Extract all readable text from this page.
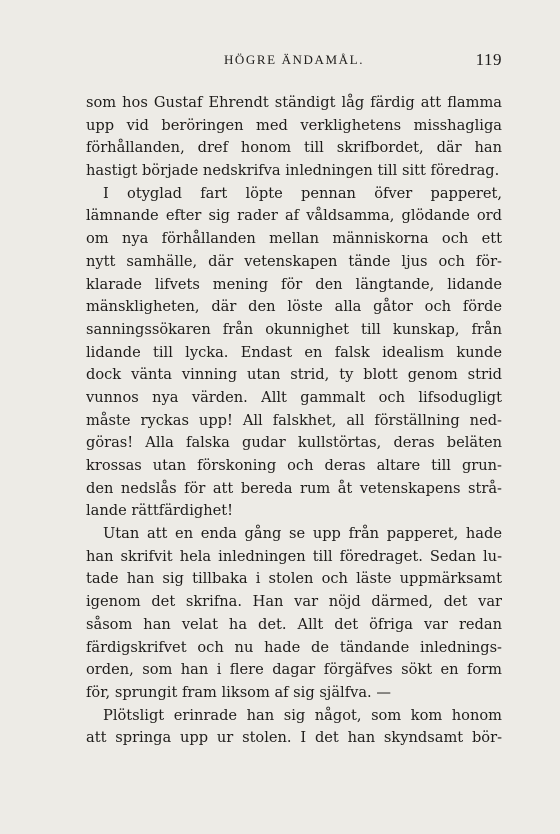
HÖGRE ÄNDAMÅL.	119
som hos Gustaf Ehrendt ständigt låg färdig att flamma
upp vid beröringen med verklighetens misshagliga
förhållanden, dref honom till skrifbordet, där han
hastigt började nedskrifva inledningen till sitt föredrag.
I otyglad fart löpte pennan öfver papperet,
lämnande efter sig rader af våldsamma, glödande ord
om nya förhållanden mellan människorna och ett
nytt samhälle, där vetenskapen tände ljus och för-
klarade lifvets mening för den längtande, lidande
mänskligheten, där den löste alla gåtor och förde
sanningssökaren från okunnighet till kunskap, från
lidande till lycka. Endast en falsk idealism kunde
dock vänta vinning utan strid, ty blott genom strid
vunnos nya värden. Allt gammalt och lifsodugligt
måste ryckas upp! All falskhet, all förställning ned-
göras! Alla falska gudar kullstörtas, deras beläten
krossas utan förskoning och deras altare till grun-
den nedslås för att bereda rum åt vetenskapens strå-
lande rättfärdighet!
Utan att en enda gång se upp från papperet, hade
han skrifvit hela inledningen till föredraget. Sedan lu-
tade han sig tillbaka i stolen och läste uppmärksamt
igenom det skrifna. Han var nöjd därmed, det var
såsom han velat ha det. Allt det öfriga var redan
färdigskrifvet och nu hade de tändande inlednings-
orden, som han i flere dagar förgäfves sökt en form
för, sprungit fram liksom af sig själfva. —
Plötsligt erinrade han sig något, som kom honom
att springa upp ur stolen. I det han skyndsamt bör-
